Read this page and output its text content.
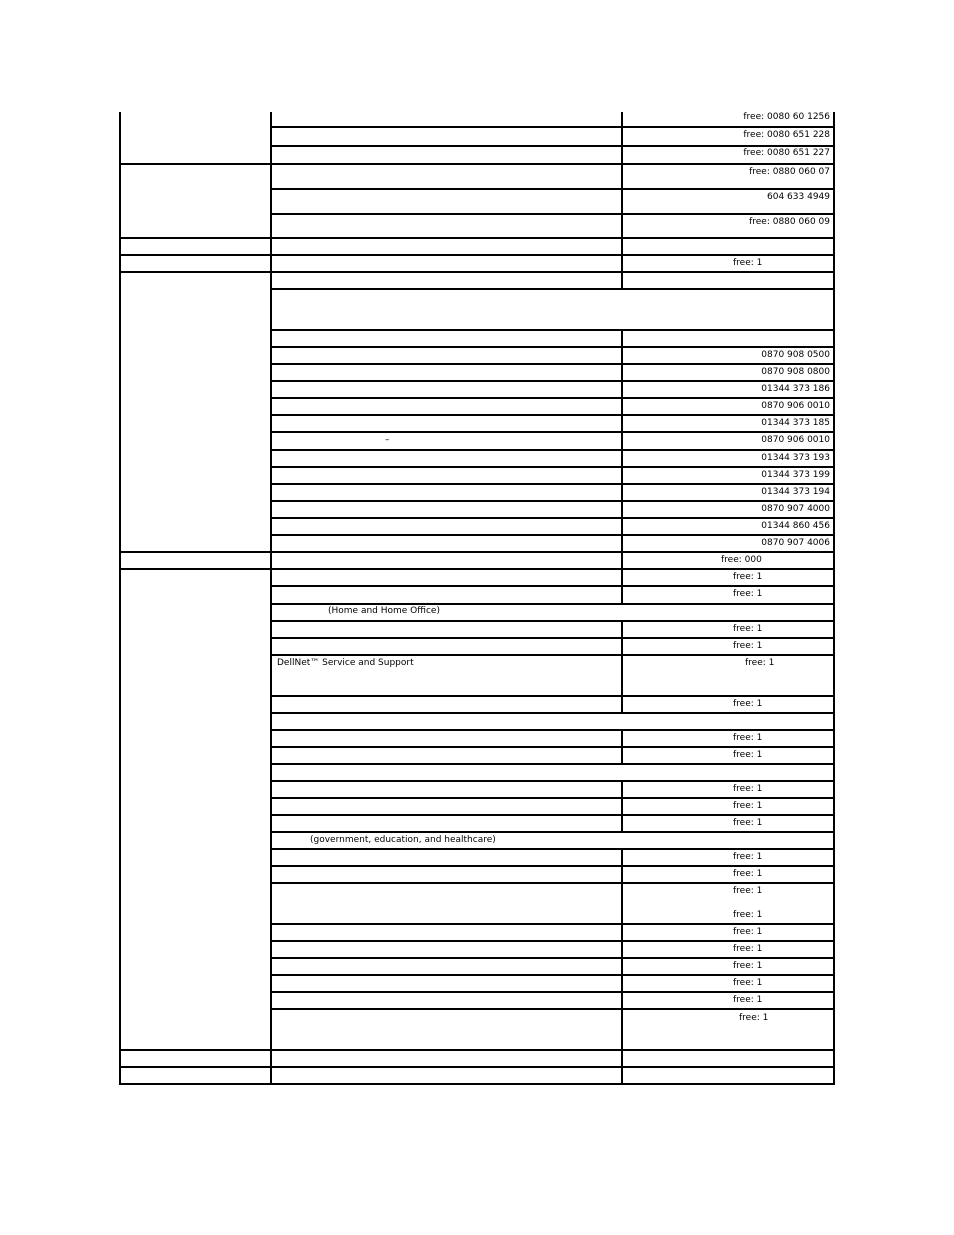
free: 0080 60 1256
free: 0080 651 228
free: 0080 651 227
free: 0880 060 07
604 633 4949
free: 0880 060 09
free: 1
0870 908 0500
0870 908 0800
01344 373 186
0870 906 0010
01344 373 185
–	0870 906 0010
01344 373 193
01344 373 199
01344 373 194
0870 907 4000
01344 860 456
0870 907 4006
free: 000
free: 1
free: 1
(Home and Home Office)
free: 1
free: 1
DellNet™ Service and Support	free: 1
free: 1
free: 1
free: 1
free: 1
free: 1
free: 1
(government, education, and healthcare)
free: 1
free: 1
free: 1
free: 1
free: 1
free: 1
free: 1
free: 1
free: 1
free: 1
